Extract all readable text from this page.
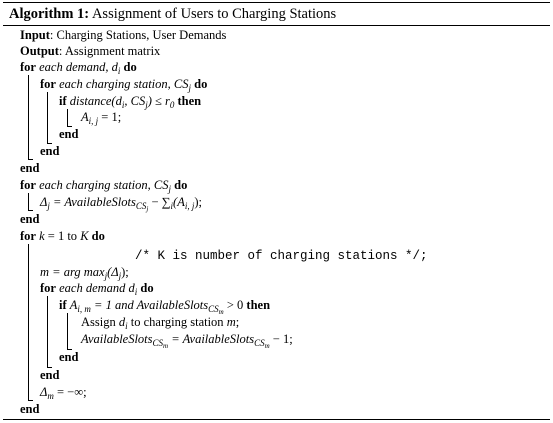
Algorithm 1: Assignment of Users to Charging Stations
Input: Charging Stations, User Demands
Output: Assignment matrix
for each demand, $d_i$ do
for each charging station, $CS_j$ do
if $distance(d_i$, $CS_j) \le r_0$ then
$A_{i, j} = 1$;
end
end
end
for each charging station, $CS_j$ do
$\Delta_j$ = AvailableSlots$_{CS_j}$ − $\sum_i(A_{i, j})$;
end
for k = 1 to K do
/* K is number of charging stations */;
m = arg $\max_j(\Delta_j)$;
for each demand $d_i$ do
if $A_{i, m} = 1$ and AvailableSlots$_{CS_m}$ > 0 then
Assign $d_i$ to charging station m;
AvailableSlots$_{CS_m}$ = AvailableSlots$_{CS_m}$ − 1;
end
end
$\Delta_m$ = −∞;
end
